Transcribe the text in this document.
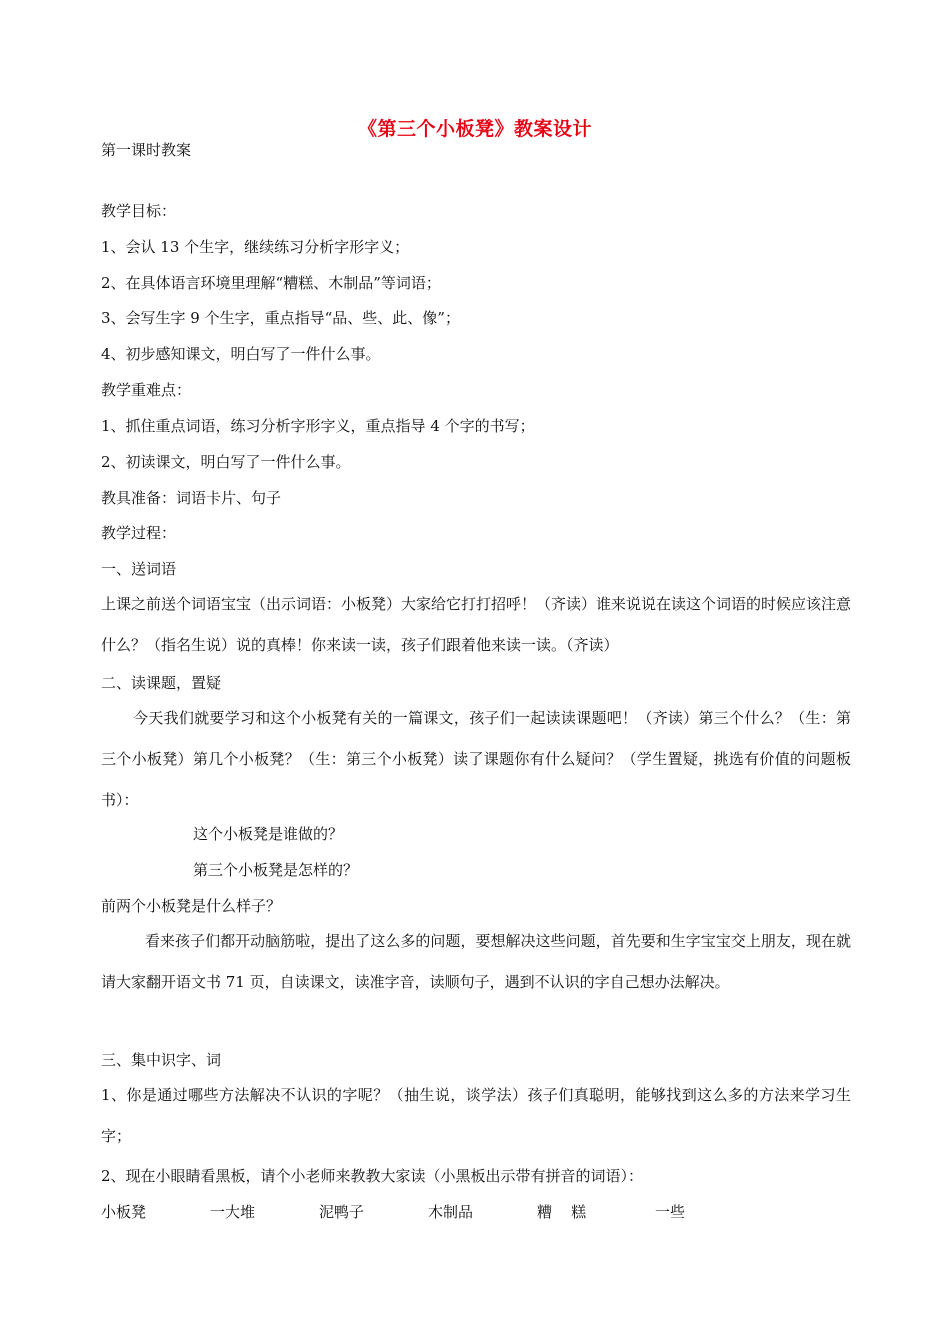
《第三个小板凳》教案设计
第一课时教案
教学目标：
1、会认 13 个生字，继续练习分析字形字义；
2、在具体语言环境里理解“糟糕、木制品”等词语；
3、会写生字 9 个生字，重点指导“品、些、此、像”；
4、初步感知课文，明白写了一件什么事。
教学重难点：
1、抓住重点词语，练习分析字形字义，重点指导 4 个字的书写；
2、初读课文，明白写了一件什么事。
教具准备：词语卡片、句子
教学过程：
一、送词语
上课之前送个词语宝宝（出示词语：小板凳）大家给它打打招呼！（齐读）谁来说说在读这个词语的时候应该注意什么？（指名生说）说的真棒！你来读一读，孩子们跟着他来读一读。（齐读）
二、读课题，置疑
今天我们就要学习和这个小板凳有关的一篇课文，孩子们一起读读课题吧！（齐读）第三个什么？（生：第三个小板凳）第几个小板凳？（生：第三个小板凳）读了课题你有什么疑问？（学生置疑，挑选有价值的问题板书）：
这个小板凳是谁做的？
第三个小板凳是怎样的？
前两个小板凳是什么样子？
看来孩子们都开动脑筋啦，提出了这么多的问题，要想解决这些问题，首先要和生字宝宝交上朋友，现在就请大家翻开语文书 71 页，自读课文，读准字音，读顺句子，遇到不认识的字自己想办法解决。
三、集中识字、词
1、你是通过哪些方法解决不认识的字呢？（抽生说，谈学法）孩子们真聪明，能够找到这么多的方法来学习生字；
2、现在小眼睛看黑板，请个小老师来教教大家读（小黑板出示带有拼音的词语）：
小板凳	一大堆	泥鸭子	木制品	糟    糕	一些
